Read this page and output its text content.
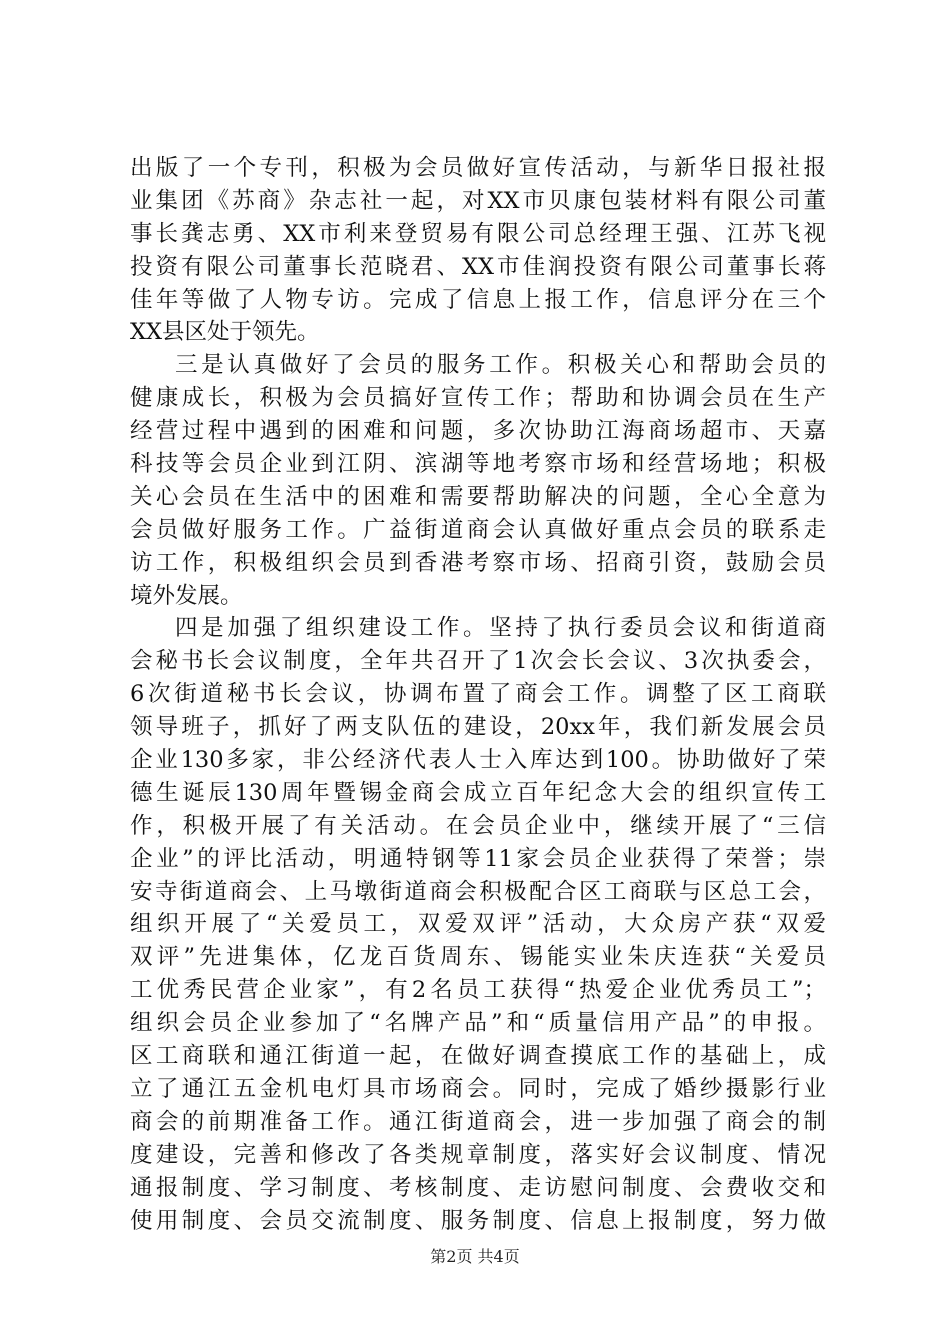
出版了一个专刊，积极为会员做好宣传活动，与新华日报社报
业集团《苏商》杂志社一起，对XX市贝康包装材料有限公司董
事长龚志勇、XX市利来登贸易有限公司总经理王强、江苏飞视
投资有限公司董事长范晓君、XX市佳润投资有限公司董事长蒋
佳年等做了人物专访。完成了信息上报工作，信息评分在三个
XX县区处于领先。
三是认真做好了会员的服务工作。积极关心和帮助会员的
健康成长，积极为会员搞好宣传工作；帮助和协调会员在生产
经营过程中遇到的困难和问题，多次协助江海商场超市、天嘉
科技等会员企业到江阴、滨湖等地考察市场和经营场地；积极
关心会员在生活中的困难和需要帮助解决的问题，全心全意为
会员做好服务工作。广益街道商会认真做好重点会员的联系走
访工作，积极组织会员到香港考察市场、招商引资，鼓励会员
境外发展。
四是加强了组织建设工作。坚持了执行委员会议和街道商
会秘书长会议制度，全年共召开了1次会长会议、3次执委会，
6次街道秘书长会议，协调布置了商会工作。调整了区工商联
领导班子，抓好了两支队伍的建设，20xx年，我们新发展会员
企业130多家，非公经济代表人士入库达到100。协助做好了荣
德生诞辰130周年暨锡金商会成立百年纪念大会的组织宣传工
作，积极开展了有关活动。在会员企业中，继续开展了“三信
企业”的评比活动，明通特钢等11家会员企业获得了荣誉；崇
安寺街道商会、上马墩街道商会积极配合区工商联与区总工会，
组织开展了“关爱员工，双爱双评”活动，大众房产获“双爱
双评”先进集体，亿龙百货周东、锡能实业朱庆连获“关爱员
工优秀民营企业家”，有2名员工获得“热爱企业优秀员工”；
组织会员企业参加了“名牌产品”和“质量信用产品”的申报。
区工商联和通江街道一起，在做好调查摸底工作的基础上，成
立了通江五金机电灯具市场商会。同时，完成了婚纱摄影行业
商会的前期准备工作。通江街道商会，进一步加强了商会的制
度建设，完善和修改了各类规章制度，落实好会议制度、情况
通报制度、学习制度、考核制度、走访慰问制度、会费收交和
使用制度、会员交流制度、服务制度、信息上报制度，努力做
第2页 共4页
